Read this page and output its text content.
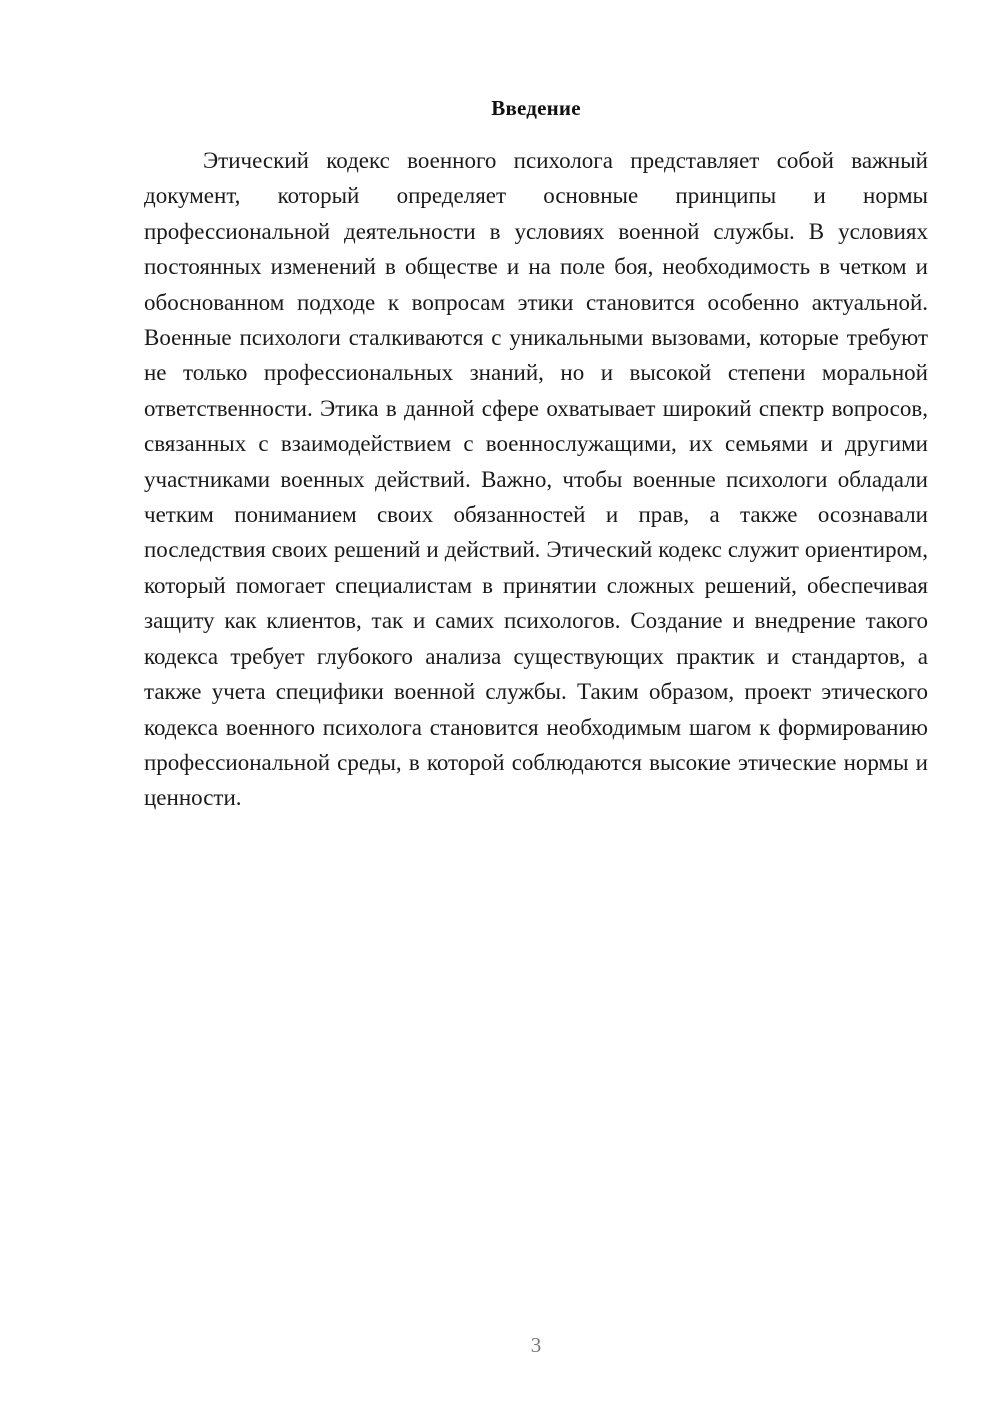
Введение

Этический кодекс военного психолога представляет собой важный документ, который определяет основные принципы и нормы профессиональной деятельности в условиях военной службы. В условиях постоянных изменений в обществе и на поле боя, необходимость в четком и обоснованном подходе к вопросам этики становится особенно актуальной. Военные психологи сталкиваются с уникальными вызовами, которые требуют не только профессиональных знаний, но и высокой степени моральной ответственности. Этика в данной сфере охватывает широкий спектр вопросов, связанных с взаимодействием с военнослужащими, их семьями и другими участниками военных действий. Важно, чтобы военные психологи обладали четким пониманием своих обязанностей и прав, а также осознавали последствия своих решений и действий. Этический кодекс служит ориентиром, который помогает специалистам в принятии сложных решений, обеспечивая защиту как клиентов, так и самих психологов. Создание и внедрение такого кодекса требует глубокого анализа существующих практик и стандартов, а также учета специфики военной службы. Таким образом, проект этического кодекса военного психолога становится необходимым шагом к формированию профессиональной среды, в которой соблюдаются высокие этические нормы и ценности.

3
